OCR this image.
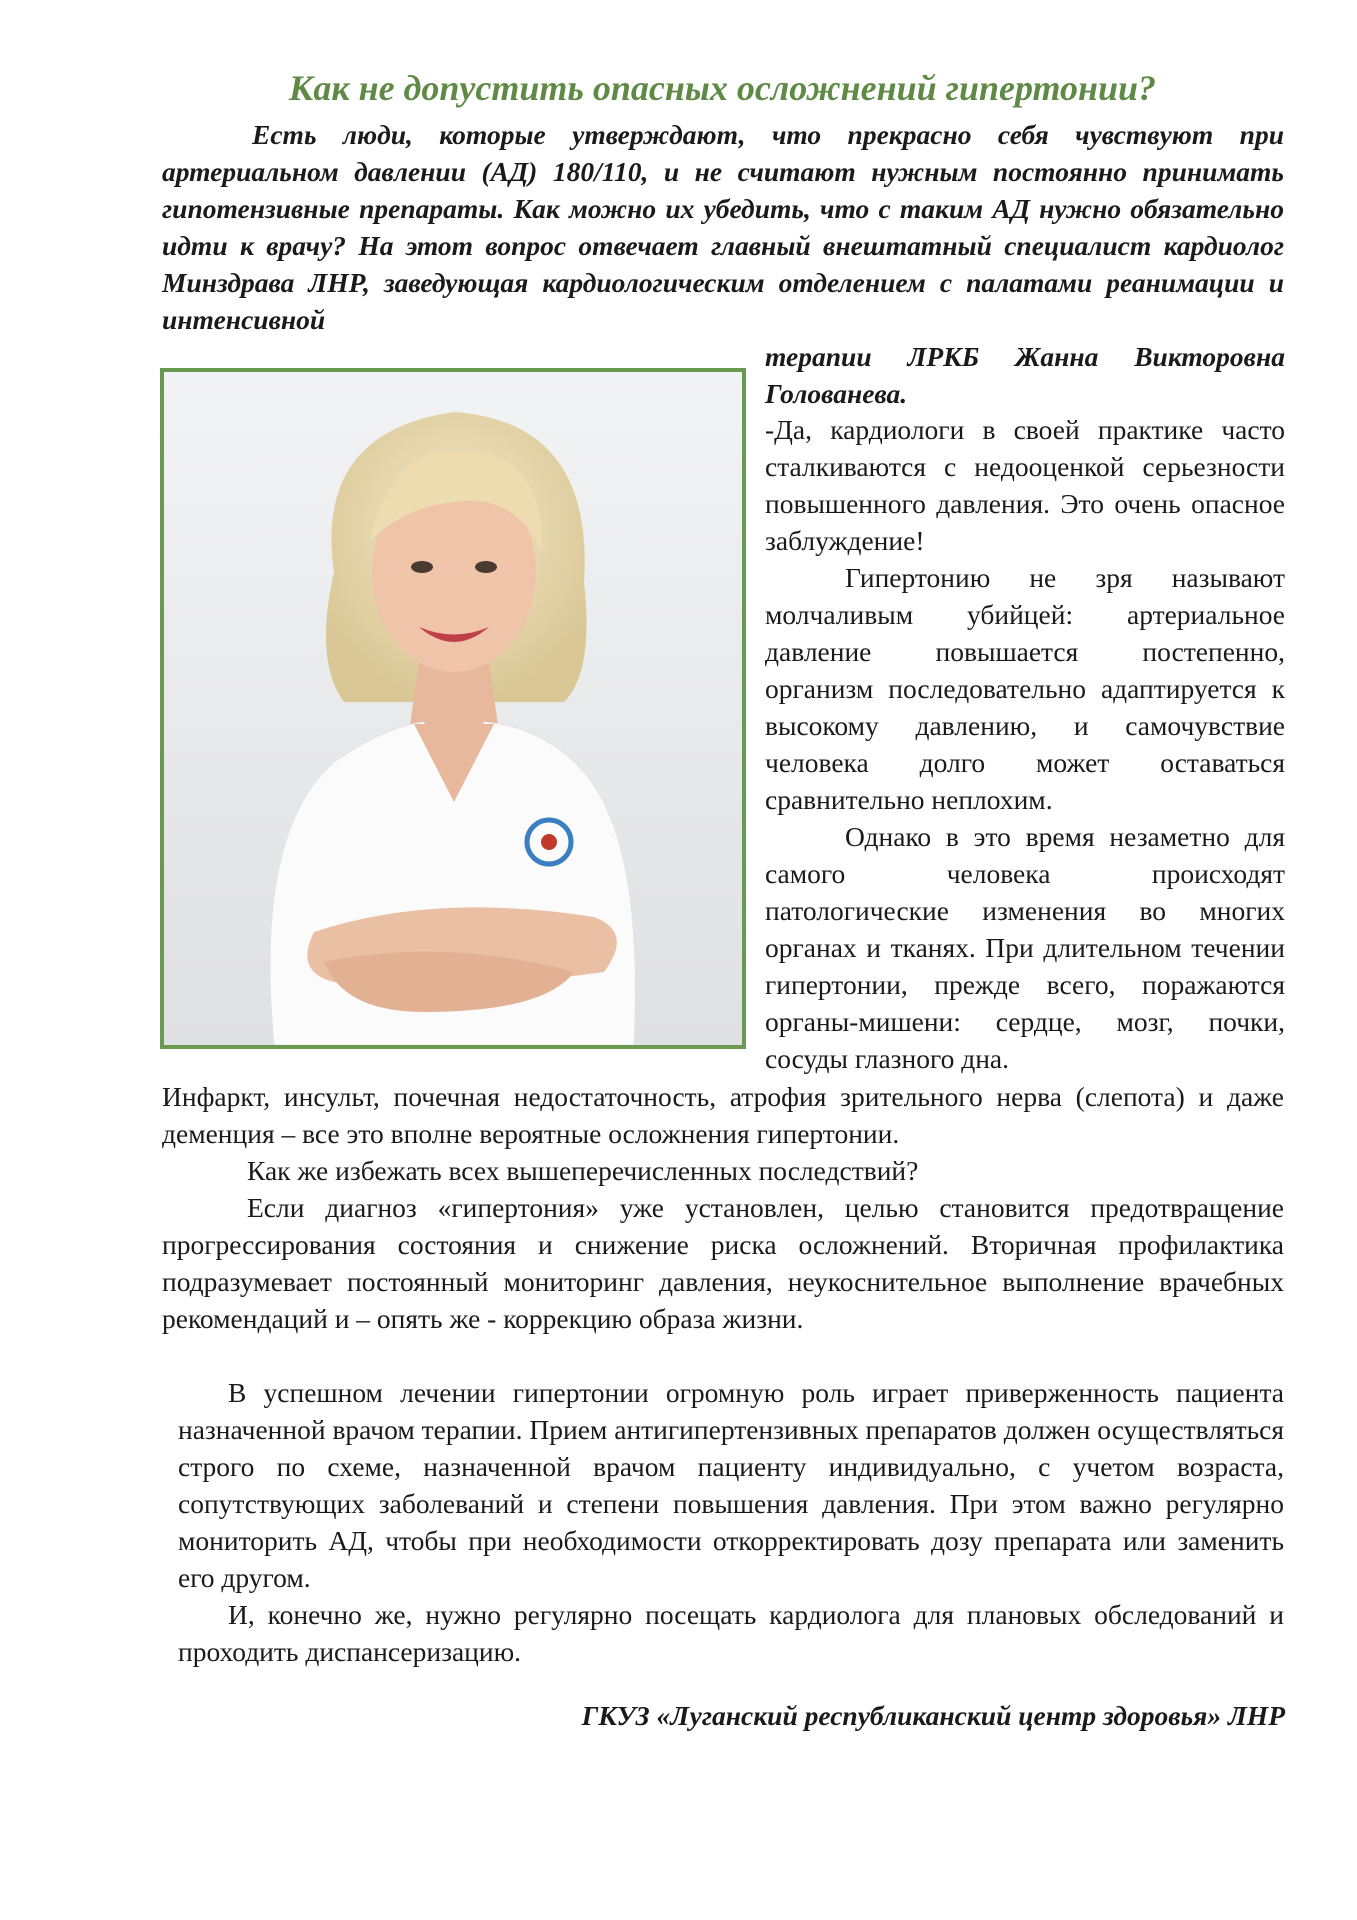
Как не допустить опасных осложнений гипертонии?

Есть люди, которые утверждают, что прекрасно себя чувствуют при артериальном давлении (АД) 180/110, и не считают нужным постоянно принимать гипотензивные препараты. Как можно их убедить, что с таким АД нужно обязательно идти к врачу? На этот вопрос отвечает главный внештатный специалист кардиолог Минздрава ЛНР, заведующая кардиологическим отделением с палатами реанимации и интенсивной

терапии ЛРКБ Жанна Викторовна Голованева.

-Да, кардиологи в своей практике часто сталкиваются с недооценкой серьезности повышенного давления. Это очень опасное заблуждение!

Гипертонию не зря называют молчаливым убийцей: артериальное давление повышается постепенно, организм последовательно адаптируется к высокому давлению, и самочувствие человека долго может оставаться сравнительно неплохим.

Однако в это время незаметно для самого человека происходят патологические изменения во многих органах и тканях. При длительном течении гипертонии, прежде всего, поражаются органы-мишени: сердце, мозг, почки, сосуды глазного дна.

Инфаркт, инсульт, почечная недостаточность, атрофия зрительного нерва (слепота) и даже деменция – все это вполне вероятные осложнения гипертонии.

Как же избежать всех вышеперечисленных последствий?

Если диагноз «гипертония» уже установлен, целью становится предотвращение прогрессирования состояния и снижение риска осложнений. Вторичная профилактика подразумевает постоянный мониторинг давления, неукоснительное выполнение врачебных рекомендаций и – опять же - коррекцию образа жизни.

В успешном лечении гипертонии огромную роль играет приверженность пациента назначенной врачом терапии. Прием антигипертензивных препаратов должен осуществляться строго по схеме, назначенной врачом пациенту индивидуально, с учетом возраста, сопутствующих заболеваний и степени повышения давления. При этом важно регулярно мониторить АД, чтобы при необходимости откорректировать дозу препарата или заменить его другом.

И, конечно же, нужно регулярно посещать кардиолога для плановых обследований и проходить диспансеризацию.

ГКУЗ «Луганский республиканский центр здоровья» ЛНР
